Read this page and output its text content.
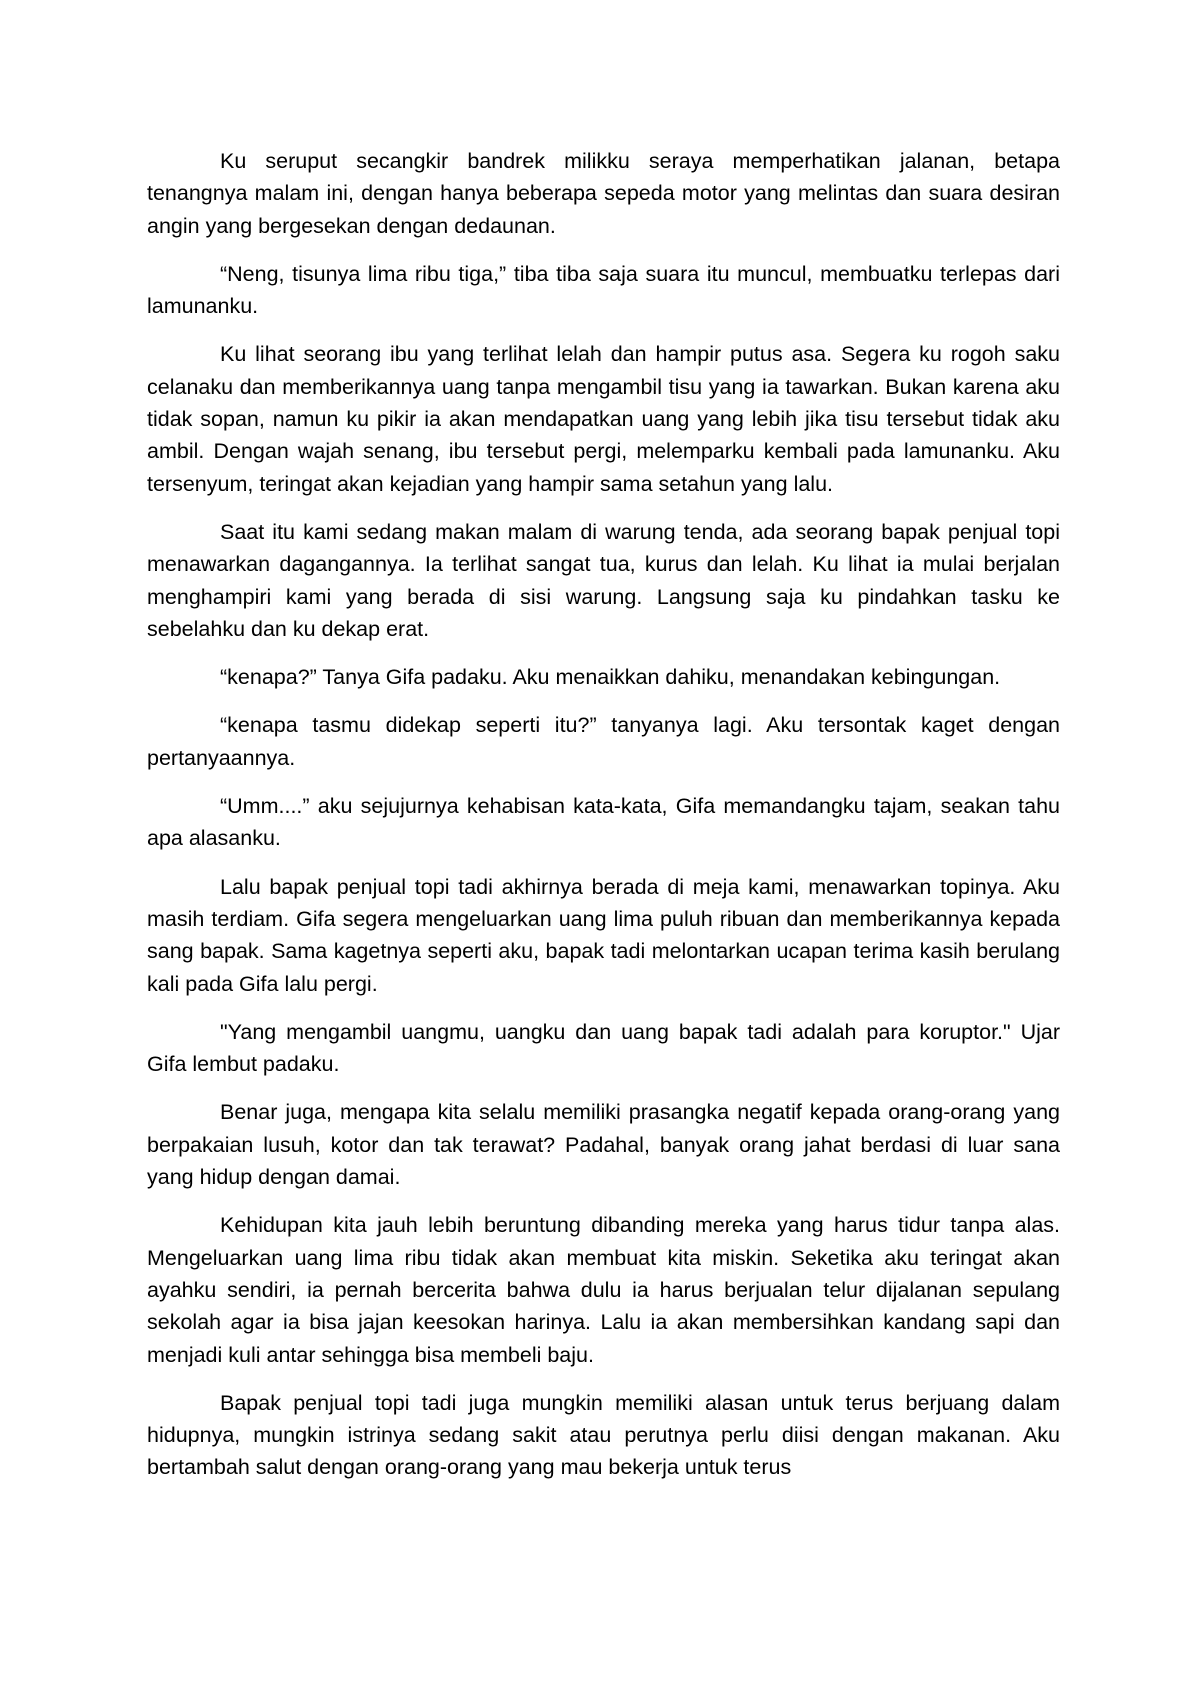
Ku seruput secangkir bandrek milikku seraya memperhatikan jalanan, betapa tenangnya malam ini, dengan hanya beberapa sepeda motor yang melintas dan suara desiran angin yang bergesekan dengan dedaunan.

“Neng, tisunya lima ribu tiga,” tiba tiba saja suara itu muncul, membuatku terlepas dari lamunanku.

Ku lihat seorang ibu yang terlihat lelah dan hampir putus asa. Segera ku rogoh saku celanaku dan memberikannya uang tanpa mengambil tisu yang ia tawarkan. Bukan karena aku tidak sopan, namun ku pikir ia akan mendapatkan uang yang lebih jika tisu tersebut tidak aku ambil. Dengan wajah senang, ibu tersebut pergi, melemparku kembali pada lamunanku. Aku tersenyum, teringat akan kejadian yang hampir sama setahun yang lalu.

Saat itu kami sedang makan malam di warung tenda, ada seorang bapak penjual topi menawarkan dagangannya. Ia terlihat sangat tua, kurus dan lelah. Ku lihat ia mulai berjalan menghampiri kami yang berada di sisi warung. Langsung saja ku pindahkan tasku ke sebelahku dan ku dekap erat.

“kenapa?” Tanya Gifa padaku. Aku menaikkan dahiku, menandakan kebingungan.

“kenapa tasmu didekap seperti itu?” tanyanya lagi. Aku tersontak kaget dengan pertanyaannya.

“Umm....” aku sejujurnya kehabisan kata-kata, Gifa memandangku tajam, seakan tahu apa alasanku.

Lalu bapak penjual topi tadi akhirnya berada di meja kami, menawarkan topinya. Aku masih terdiam. Gifa segera mengeluarkan uang lima puluh ribuan dan memberikannya kepada sang bapak. Sama kagetnya seperti aku, bapak tadi melontarkan ucapan terima kasih berulang kali pada Gifa lalu pergi.

"Yang mengambil uangmu, uangku dan uang bapak tadi adalah para koruptor." Ujar Gifa lembut padaku.

Benar juga, mengapa kita selalu memiliki prasangka negatif kepada orang-orang yang berpakaian lusuh, kotor dan tak terawat? Padahal, banyak orang jahat berdasi di luar sana yang hidup dengan damai.

Kehidupan kita jauh lebih beruntung dibanding mereka yang harus tidur tanpa alas. Mengeluarkan uang lima ribu tidak akan membuat kita miskin. Seketika aku teringat akan ayahku sendiri, ia pernah bercerita bahwa dulu ia harus berjualan telur dijalanan sepulang sekolah agar ia bisa jajan keesokan harinya. Lalu ia akan membersihkan kandang sapi dan menjadi kuli antar sehingga bisa membeli baju.

Bapak penjual topi tadi juga mungkin memiliki alasan untuk terus berjuang dalam hidupnya, mungkin istrinya sedang sakit atau perutnya perlu diisi dengan makanan. Aku bertambah salut dengan orang-orang yang mau bekerja untuk terus
